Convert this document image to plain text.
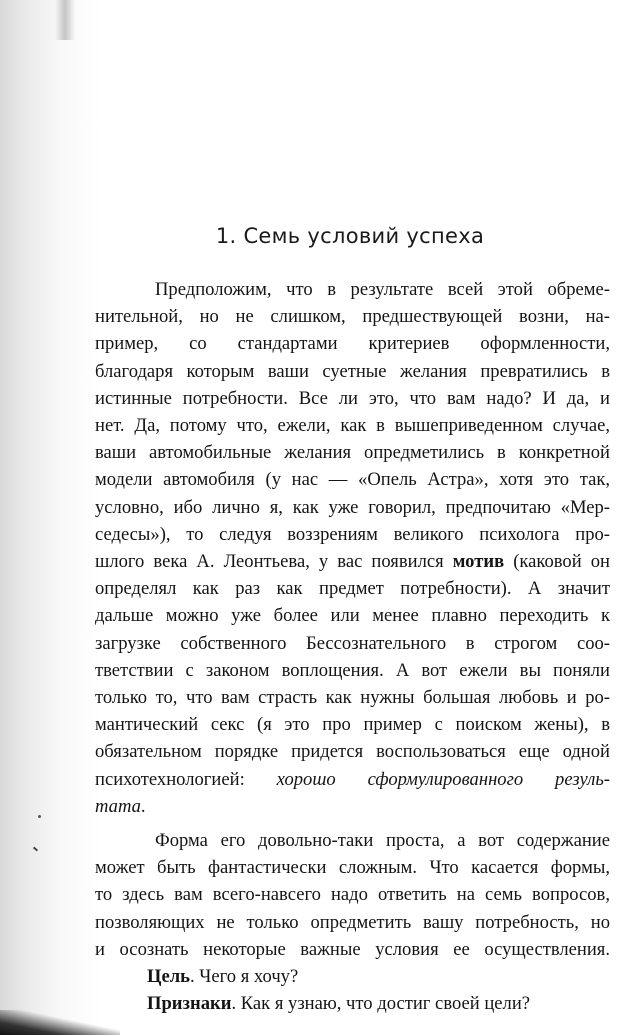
1. Семь условий успеха
Предположим, что в результате всей этой обреме-
нительной, но не слишком, предшествующей возни, на-
пример, со стандартами критериев оформленности,
благодаря которым ваши суетные желания превратились в
истинные потребности. Все ли это, что вам надо? И да, и
нет. Да, потому что, ежели, как в вышеприведенном случае,
ваши автомобильные желания опредметились в конкретной
модели автомобиля (у нас — «Опель Астра», хотя это так,
условно, ибо лично я, как уже говорил, предпочитаю «Мер-
седесы»), то следуя воззрениям великого психолога про-
шлого века А. Леонтьева, у вас появился мотив (каковой он
определял как раз как предмет потребности). А значит
дальше можно уже более или менее плавно переходить к
загрузке собственного Бессознательного в строгом соо-
тветствии с законом воплощения. А вот ежели вы поняли
только то, что вам страсть как нужны большая любовь и ро-
мантический секс (я это про пример с поиском жены), в
обязательном порядке придется воспользоваться еще одной
психотехнологией: хорошо сформулированного резуль-
тата.
Форма его довольно-таки проста, а вот содержание
может быть фантастически сложным. Что касается формы,
то здесь вам всего-навсего надо ответить на семь вопросов,
позволяющих не только опредметить вашу потребность, но
и осознать некоторые важные условия ее осуществления.
Цель. Чего я хочу?
Признаки. Как я узнаю, что достиг своей цели?
